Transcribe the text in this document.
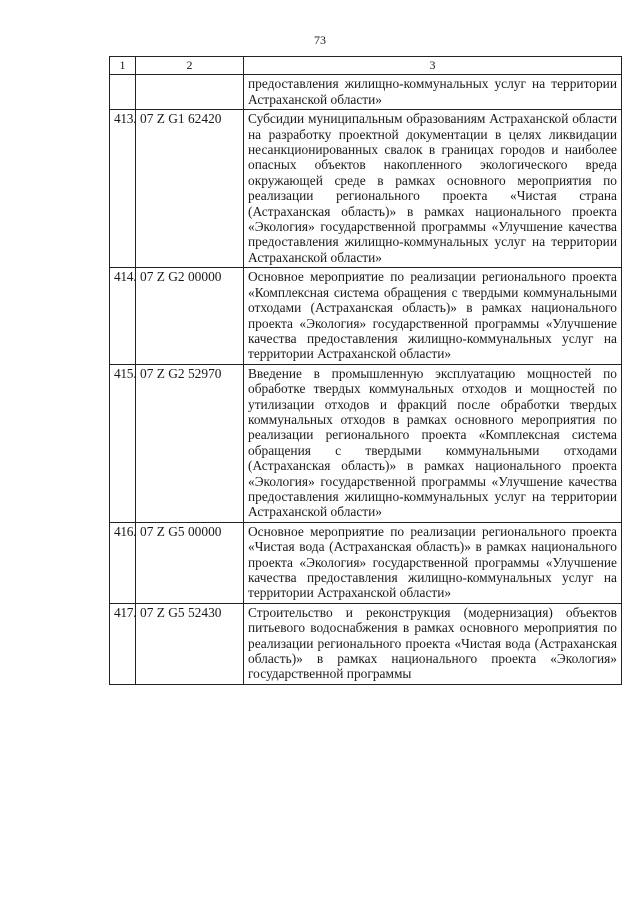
73
1	2	3
		предоставления жилищно-коммунальных услуг на территории Астраханской области»
413.	07 Z G1 62420	Субсидии муниципальным образованиям Астраханской области на разработку проектной документации в целях ликвидации несанкционированных свалок в границах городов и наиболее опасных объектов накопленного экологического вреда окружающей среде в рамках основного мероприятия по реализации регионального проекта «Чистая страна (Астраханская область)» в рамках национального проекта «Экология» государственной программы «Улучшение качества предоставления жилищно-коммунальных услуг на территории Астраханской области»
414.	07 Z G2 00000	Основное мероприятие по реализации регионального проекта «Комплексная система обращения с твердыми коммунальными отходами (Астраханская область)» в рамках национального проекта «Экология» государственной программы «Улучшение качества предоставления жилищно-коммунальных услуг на территории Астраханской области»
415.	07 Z G2 52970	Введение в промышленную эксплуатацию мощностей по обработке твердых коммунальных отходов и мощностей по утилизации отходов и фракций после обработки твердых коммунальных отходов в рамках основного мероприятия по реализации регионального проекта «Комплексная система обращения с твердыми коммунальными отходами (Астраханская область)» в рамках национального проекта «Экология» государственной программы «Улучшение качества предоставления жилищно-коммунальных услуг на территории Астраханской области»
416.	07 Z G5 00000	Основное мероприятие по реализации регионального проекта «Чистая вода (Астраханская область)» в рамках национального проекта «Экология» государственной программы «Улучшение качества предоставления жилищно-коммунальных услуг на территории Астраханской области»
417.	07 Z G5 52430	Строительство и реконструкция (модернизация) объектов питьевого водоснабжения в рамках основного мероприятия по реализации регионального проекта «Чистая вода (Астраханская область)» в рамках национального проекта «Экология» государственной программы
